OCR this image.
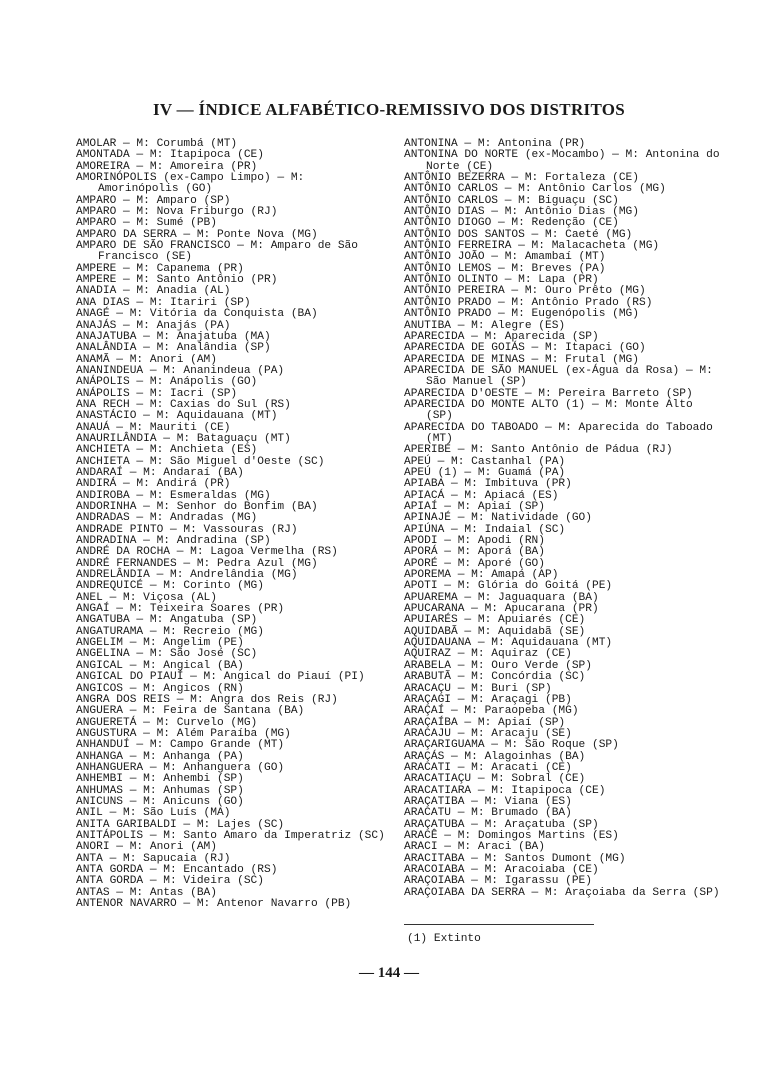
IV — ÍNDICE ALFABÉTICO-REMISSIVO DOS DISTRITOS
AMOLAR — M: Corumbá (MT)
AMONTADA — M: Itapipoca (CE)
AMOREIRA — M: Amoreira (PR)
AMORINÓPOLIS (ex-Campo Limpo) — M: Amorinópolis (GO)
AMPARO — M: Amparo (SP)
AMPARO — M: Nova Friburgo (RJ)
AMPARO — M: Sumé (PB)
AMPARO DA SERRA — M: Ponte Nova (MG)
AMPARO DE SÃO FRANCISCO — M: Amparo de São Francisco (SE)
AMPERE — M: Capanema (PR)
AMPERE — M: Santo Antônio (PR)
ANADIA — M: Anadia (AL)
ANA DIAS — M: Itariri (SP)
ANAGÉ — M: Vitória da Conquista (BA)
ANAJÁS — M: Anajás (PA)
ANAJATUBA — M: Anajatuba (MA)
ANALÂNDIA — M: Analândia (SP)
ANAMÃ — M: Anori (AM)
ANANINDEUA — M: Ananindeua (PA)
ANÁPOLIS — M: Anápolis (GO)
ANÁPOLIS — M: Iacri (SP)
ANA RECH — M: Caxias do Sul (RS)
ANASTÁCIO — M: Aquidauana (MT)
ANAUÁ — M: Mauriti (CE)
ANAURILÂNDIA — M: Bataguaçu (MT)
ANCHIETA — M: Anchieta (ES)
ANCHIETA — M: São Miguel d'Oeste (SC)
ANDARAÍ — M: Andaraí (BA)
ANDIRÁ — M: Andirá (PR)
ANDIROBA — M: Esmeraldas (MG)
ANDORINHA — M: Senhor do Bonfim (BA)
ANDRADAS — M: Andradas (MG)
ANDRADE PINTO — M: Vassouras (RJ)
ANDRADINA — M: Andradina (SP)
ANDRÉ DA ROCHA — M: Lagoa Vermelha (RS)
ANDRÉ FERNANDES — M: Pedra Azul (MG)
ANDRELÂNDIA — M: Andrelândia (MG)
ANDREQUICÉ — M: Corinto (MG)
ANEL — M: Viçosa (AL)
ANGAÍ — M: Teixeira Soares (PR)
ANGATUBA — M: Angatuba (SP)
ANGATURAMA — M: Recreio (MG)
ANGELIM — M: Angelim (PE)
ANGELINA — M: São José (SC)
ANGICAL — M: Angical (BA)
ANGICAL DO PIAUÍ — M: Angical do Piauí (PI)
ANGICOS — M: Angicos (RN)
ANGRA DOS REIS — M: Angra dos Reis (RJ)
ANGUERA — M: Feira de Santana (BA)
ANGUERETÁ — M: Curvelo (MG)
ANGUSTURA — M: Além Paraíba (MG)
ANHANDUÍ — M: Campo Grande (MT)
ANHANGA — M: Anhanga (PA)
ANHANGUERA — M: Anhanguera (GO)
ANHEMBI — M: Anhembi (SP)
ANHUMAS — M: Anhumas (SP)
ANICUNS — M: Anicuns (GO)
ANIL — M: São Luís (MA)
ANITA GARIBALDI — M: Lajes (SC)
ANITÁPOLIS — M: Santo Amaro da Imperatriz (SC)
ANORI — M: Anori (AM)
ANTA — M: Sapucaia (RJ)
ANTA GORDA — M: Encantado (RS)
ANTA GORDA — M: Videira (SC)
ANTAS — M: Antas (BA)
ANTENOR NAVARRO — M: Antenor Navarro (PB)
ANTONINA — M: Antonina (PR)
ANTONINA DO NORTE (ex-Mocambo) — M: Antonina do Norte (CE)
ANTÔNIO BEZERRA — M: Fortaleza (CE)
ANTÔNIO CARLOS — M: Antônio Carlos (MG)
ANTÔNIO CARLOS — M: Biguaçu (SC)
ANTÔNIO DIAS — M: Antônio Dias (MG)
ANTÔNIO DIOGO — M: Redenção (CE)
ANTÔNIO DOS SANTOS — M: Caeté (MG)
ANTÔNIO FERREIRA — M: Malacacheta (MG)
ANTÔNIO JOÃO — M: Amambaí (MT)
ANTÔNIO LEMOS — M: Breves (PA)
ANTÔNIO OLINTO — M: Lapa (PR)
ANTÔNIO PEREIRA — M: Ouro Prêto (MG)
ANTÔNIO PRADO — M: Antônio Prado (RS)
ANTÔNIO PRADO — M: Eugenópolis (MG)
ANUTIBA — M: Alegre (ES)
APARECIDA — M: Aparecida (SP)
APARECIDA DE GOIÁS — M: Itapaci (GO)
APARECIDA DE MINAS — M: Frutal (MG)
APARECIDA DE SÃO MANUEL (ex-Água da Rosa) — M: São Manuel (SP)
APARECIDA D'OESTE — M: Pereira Barreto (SP)
APARECIDA DO MONTE ALTO (1) — M: Monte Alto (SP)
APARECIDA DO TABOADO — M: Aparecida do Taboado (MT)
APERIBÉ — M: Santo Antônio de Pádua (RJ)
APEÚ — M: Castanhal (PA)
APEÚ (1) — M: Guamá (PA)
APIABA — M: Imbituva (PR)
APIACÁ — M: Apiacá (ES)
APIAÍ — M: Apiaí (SP)
APINAJÉ — M: Natividade (GO)
APIÚNA — M: Indaial (SC)
APODI — M: Apodi (RN)
APORÁ — M: Aporá (BA)
APORÉ — M: Aporé (GO)
APOREMA — M: Amapá (AP)
APOTI — M: Glória do Goitá (PE)
APUAREMA — M: Jaguaquara (BA)
APUCARANA — M: Apucarana (PR)
APUIARÉS — M: Apuiarés (CE)
AQUIDABÃ — M: Aquidabã (SE)
AQUIDAUANA — M: Aquidauana (MT)
AQUIRAZ — M: Aquiraz (CE)
ARABELA — M: Ouro Verde (SP)
ARABUTÃ — M: Concórdia (SC)
ARACAÇU — M: Buri (SP)
ARAÇAGI — M: Araçagi (PB)
ARAÇAÍ — M: Paraopeba (MG)
ARAÇAÍBA — M: Apiaí (SP)
ARACAJU — M: Aracaju (SE)
ARAÇARIGUAMA — M: São Roque (SP)
ARAÇÁS — M: Alagoinhas (BA)
ARACATI — M: Aracati (CE)
ARACATIAÇU — M: Sobral (CE)
ARACATIARA — M: Itapipoca (CE)
ARAÇATIBA — M: Viana (ES)
ARACATU — M: Brumado (BA)
ARAÇATUBA — M: Araçatuba (SP)
ARACÊ — M: Domingos Martins (ES)
ARACI — M: Araci (BA)
ARACITABA — M: Santos Dumont (MG)
ARACOIABA — M: Aracoiaba (CE)
ARAÇOIABA — M: Igarassu (PE)
ARAÇOIABA DA SERRA — M: Araçoiaba da Serra (SP)
(1) Extinto
— 144 —
